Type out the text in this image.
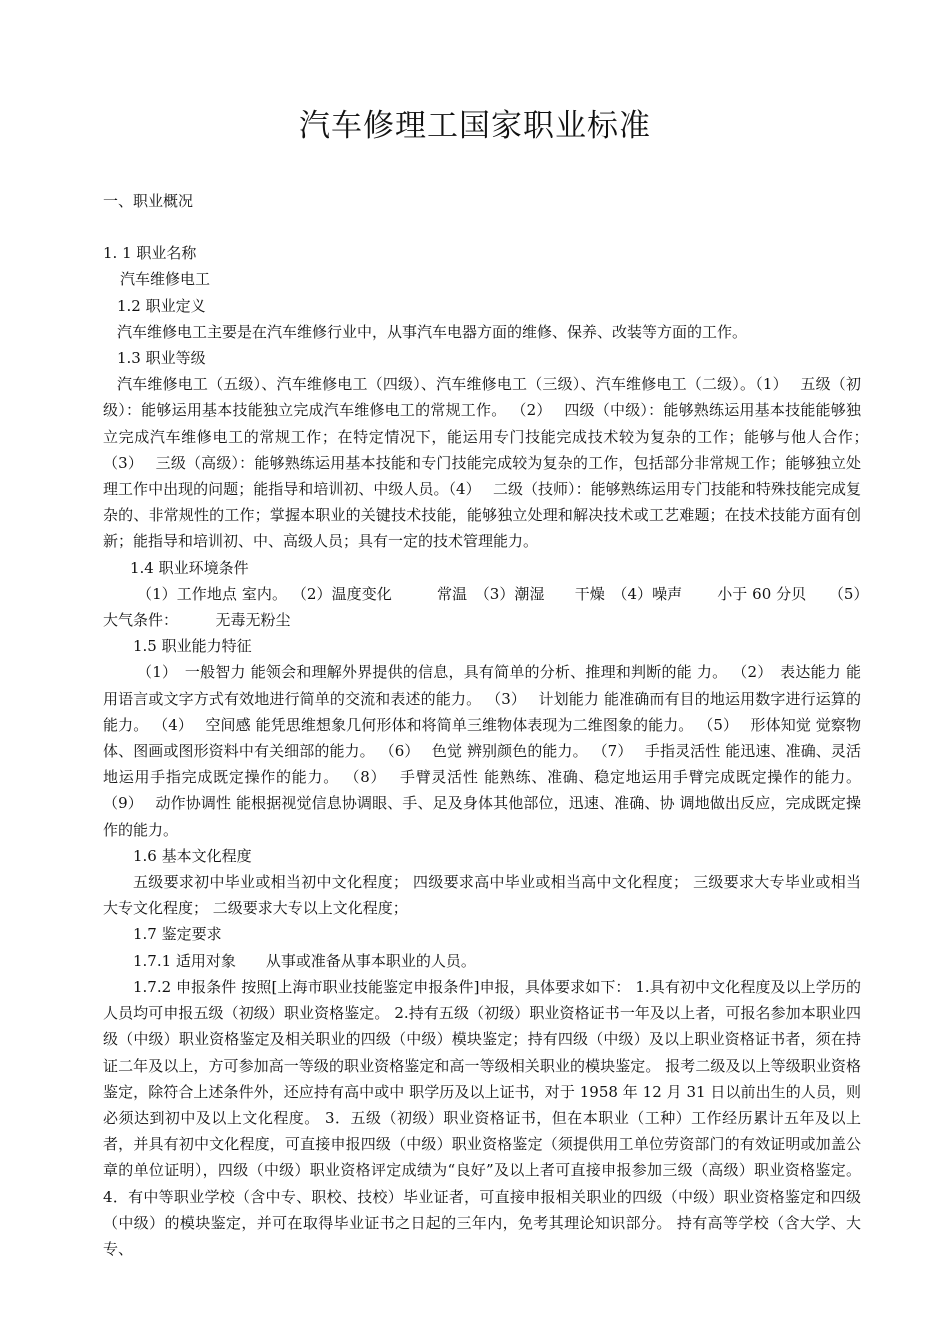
汽车修理工国家职业标准

一、职业概况

1. 1 职业名称

汽车维修电工

1.2 职业定义

汽车维修电工主要是在汽车维修行业中，从事汽车电器方面的维修、保养、改装等方面的工作。

1.3 职业等级

汽车维修电工（五级）、汽车维修电工（四级）、汽车维修电工（三级）、汽车维修电工（二级）。（1）　 五级（初级）：能够运用基本技能独立完成汽车维修电工的常规工作。 （2）　 四级（中级）：能够熟练运用基本技能能够独立完成汽车维修电工的常规工作；在特定情况下，能运用专门技能完成技术较为复杂的工作；能够与他人合作；　（3）　 三级（高级）：能够熟练运用基本技能和专门技能完成较为复杂的工作，包括部分非常规工作；能够独立处理工作中出现的问题；能指导和培训初、中级人员。（4）　 二级（技师）：能够熟练运用专门技能和特殊技能完成复杂的、非常规性的工作；掌握本职业的关键技术技能，能够独立处理和解决技术或工艺难题；在技术技能方面有创新；能指导和培训初、中、高级人员；具有一定的技术管理能力。

1.4 职业环境条件

（1）工作地点 室内。 （2）温度变化　　　常温　（3）潮湿　　干燥　（4）噪声　　 小于 60 分贝　　（5）大气条件：　　　无毒无粉尘

1.5 职业能力特征

（1）　一般智力 能领会和理解外界提供的信息，具有简单的分析、推理和判断的能 力。 （2）　表达能力 能用语言或文字方式有效地进行简单的交流和表述的能力。 （3）　 计划能力 能准确而有目的地运用数字进行运算的能力。 （4）　 空间感 能凭思维想象几何形体和将简单三维物体表现为二维图象的能力。 （5）　 形体知觉 觉察物体、图画或图形资料中有关细部的能力。 （6）　 色觉 辨别颜色的能力。 （7）　 手指灵活性 能迅速、准确、灵活地运用手指完成既定操作的能力。 （8）　 手臂灵活性 能熟练、准确、稳定地运用手臂完成既定操作的能力。 （9）　 动作协调性 能根据视觉信息协调眼、手、足及身体其他部位，迅速、准确、协 调地做出反应，完成既定操作的能力。

1.6 基本文化程度

五级要求初中毕业或相当初中文化程度； 四级要求高中毕业或相当高中文化程度； 三级要求大专毕业或相当大专文化程度； 二级要求大专以上文化程度；

1.7 鉴定要求

1.7.1 适用对象　　从事或准备从事本职业的人员。

1.7.2 申报条件 按照[上海市职业技能鉴定申报条件]申报，具体要求如下： 1.具有初中文化程度及以上学历的人员均可申报五级（初级）职业资格鉴定。 2.持有五级（初级）职业资格证书一年及以上者，可报名参加本职业四级（中级）职业资格鉴定及相关职业的四级（中级）模块鉴定；持有四级（中级）及以上职业资格证书者，须在持证二年及以上，方可参加高一等级的职业资格鉴定和高一等级相关职业的模块鉴定。 报考二级及以上等级职业资格鉴定，除符合上述条件外，还应持有高中或中 职学历及以上证书，对于 1958 年 12 月 31 日以前出生的人员，则必须达到初中及以上文化程度。 3．五级（初级）职业资格证书，但在本职业（工种）工作经历累计五年及以上者，并具有初中文化程度，可直接申报四级（中级）职业资格鉴定（须提供用工单位劳资部门的有效证明或加盖公章的单位证明），四级（中级）职业资格评定成绩为“良好”及以上者可直接申报参加三级（高级）职业资格鉴定。 4．有中等职业学校（含中专、职校、技校）毕业证者，可直接申报相关职业的四级（中级）职业资格鉴定和四级（中级）的模块鉴定，并可在取得毕业证书之日起的三年内，免考其理论知识部分。 持有高等学校（含大学、大专、
